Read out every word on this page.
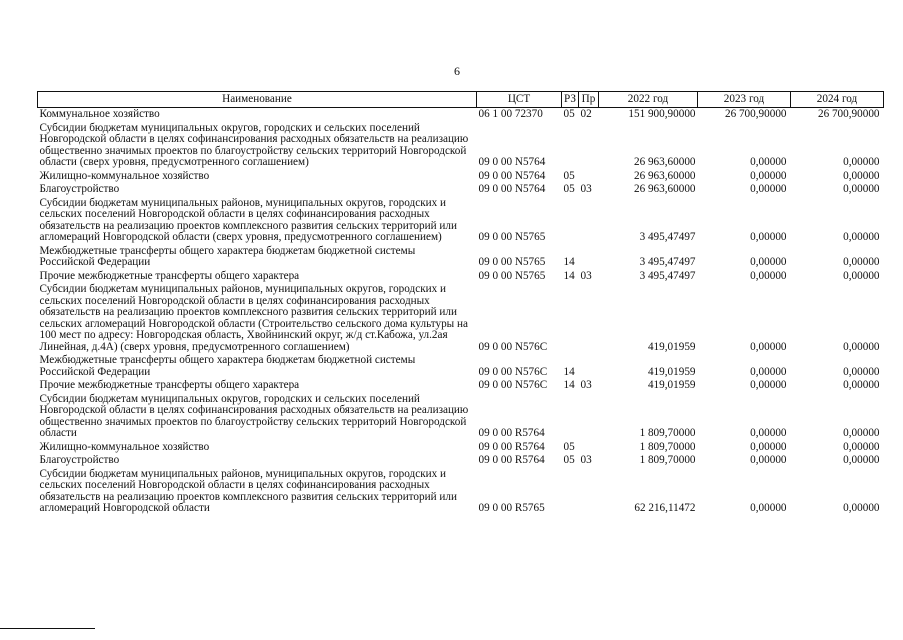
6
Наименование	ЦСТ	РЗ	Пр	2022 год	2023 год	2024 год
Коммунальное хозяйство	06 1 00 72370	05	02	151 900,90000	26 700,90000	26 700,90000
Субсидии бюджетам муниципальных округов, городских и сельских поселений Новгородской области в целях софинансирования расходных обязательств на реализацию общественно значимых проектов по благоустройству сельских территорий Новгородской области (сверх уровня, предусмотренного соглашением)	09 0 00 N5764			26 963,60000	0,00000	0,00000
Жилищно-коммунальное хозяйство	09 0 00 N5764	05		26 963,60000	0,00000	0,00000
Благоустройство	09 0 00 N5764	05	03	26 963,60000	0,00000	0,00000
Субсидии бюджетам муниципальных районов, муниципальных округов, городских и сельских поселений Новгородской области в целях софинансирования расходных обязательств на реализацию проектов комплексного развития сельских территорий или агломераций Новгородской области (сверх уровня, предусмотренного соглашением)	09 0 00 N5765			3 495,47497	0,00000	0,00000
Межбюджетные трансферты общего характера бюджетам бюджетной системы Российской Федерации	09 0 00 N5765	14		3 495,47497	0,00000	0,00000
Прочие межбюджетные трансферты общего характера	09 0 00 N5765	14	03	3 495,47497	0,00000	0,00000
Субсидии бюджетам муниципальных районов, муниципальных округов, городских и сельских поселений Новгородской области в целях софинансирования расходных обязательств на реализацию проектов комплексного развития сельских территорий или сельских агломераций Новгородской области (Строительство сельского дома культуры на 100 мест по адресу: Новгородская область, Хвойнинский округ, ж/д ст.Кабожа, ул.2ая Линейная, д.4А) (сверх уровня, предусмотренного соглашением)	09 0 00 N576C			419,01959	0,00000	0,00000
Межбюджетные трансферты общего характера бюджетам бюджетной системы Российской Федерации	09 0 00 N576C	14		419,01959	0,00000	0,00000
Прочие межбюджетные трансферты общего характера	09 0 00 N576C	14	03	419,01959	0,00000	0,00000
Субсидии бюджетам муниципальных округов, городских и сельских поселений Новгородской области в целях софинансирования расходных обязательств на реализацию общественно значимых проектов по благоустройству сельских территорий Новгородской области	09 0 00 R5764			1 809,70000	0,00000	0,00000
Жилищно-коммунальное хозяйство	09 0 00 R5764	05		1 809,70000	0,00000	0,00000
Благоустройство	09 0 00 R5764	05	03	1 809,70000	0,00000	0,00000
Субсидии бюджетам муниципальных районов, муниципальных округов, городских и сельских поселений Новгородской области в целях софинансирования расходных обязательств на реализацию проектов комплексного развития сельских территорий или агломераций Новгородской области	09 0 00 R5765			62 216,11472	0,00000	0,00000
